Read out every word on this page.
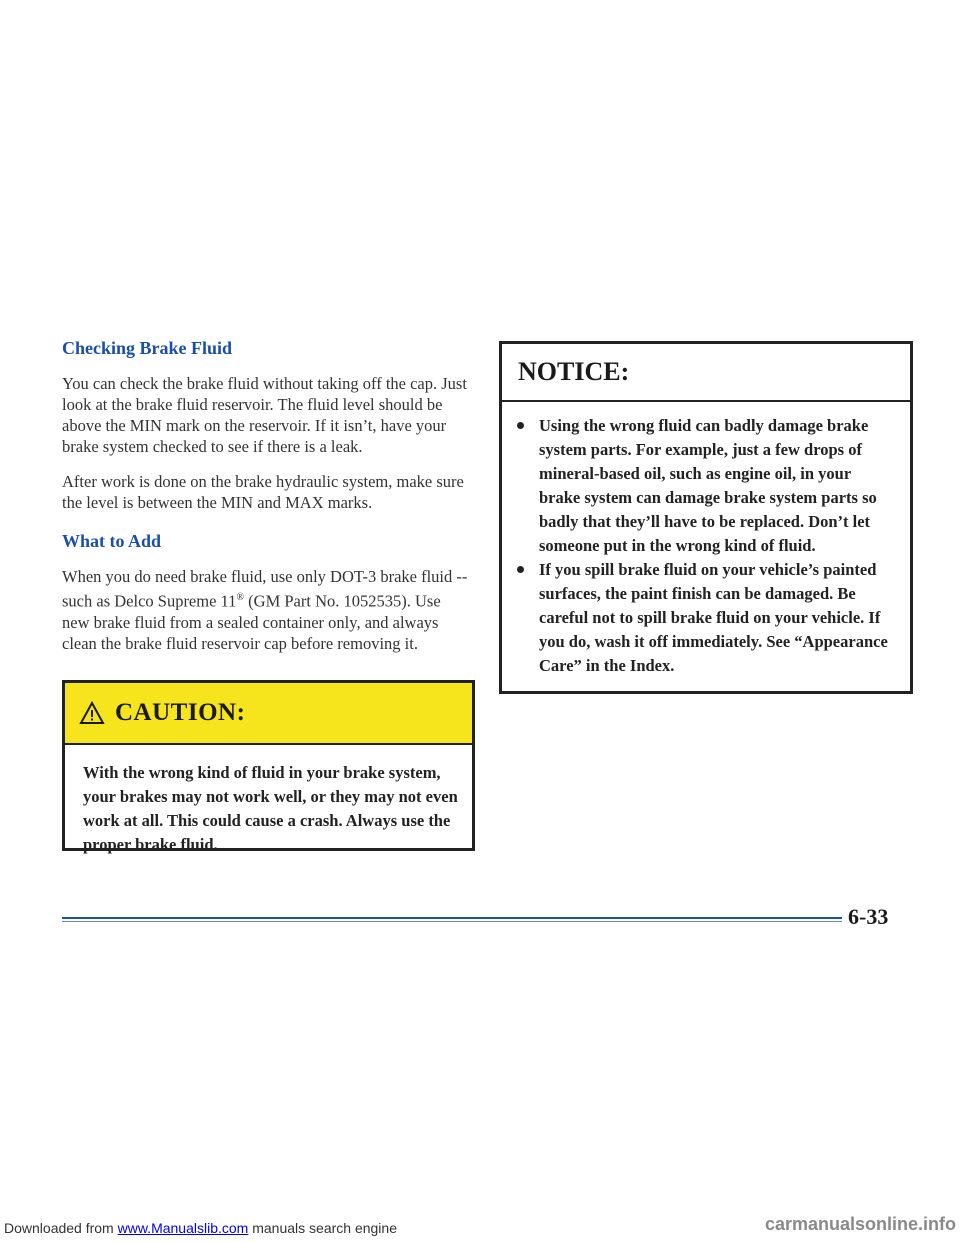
Checking Brake Fluid

You can check the brake fluid without taking off the cap. Just look at the brake fluid reservoir. The fluid level should be above the MIN mark on the reservoir. If it isn’t, have your brake system checked to see if there is a leak.

After work is done on the brake hydraulic system, make sure the level is between the MIN and MAX marks.

What to Add

When you do need brake fluid, use only DOT-3 brake fluid -- such as Delco Supreme 11® (GM Part No. 1052535). Use new brake fluid from a sealed container only, and always clean the brake fluid reservoir cap before removing it.

CAUTION:
With the wrong kind of fluid in your brake system, your brakes may not work well, or they may not even work at all. This could cause a crash. Always use the proper brake fluid.
NOTICE:
Using the wrong fluid can badly damage brake system parts. For example, just a few drops of mineral-based oil, such as engine oil, in your brake system can damage brake system parts so badly that they’ll have to be replaced. Don’t let someone put in the wrong kind of fluid.
If you spill brake fluid on your vehicle’s painted surfaces, the paint finish can be damaged. Be careful not to spill brake fluid on your vehicle. If you do, wash it off immediately. See “Appearance Care” in the Index.
6-33
Downloaded from www.Manualslib.com manuals search engine	carmanualsonline.info
